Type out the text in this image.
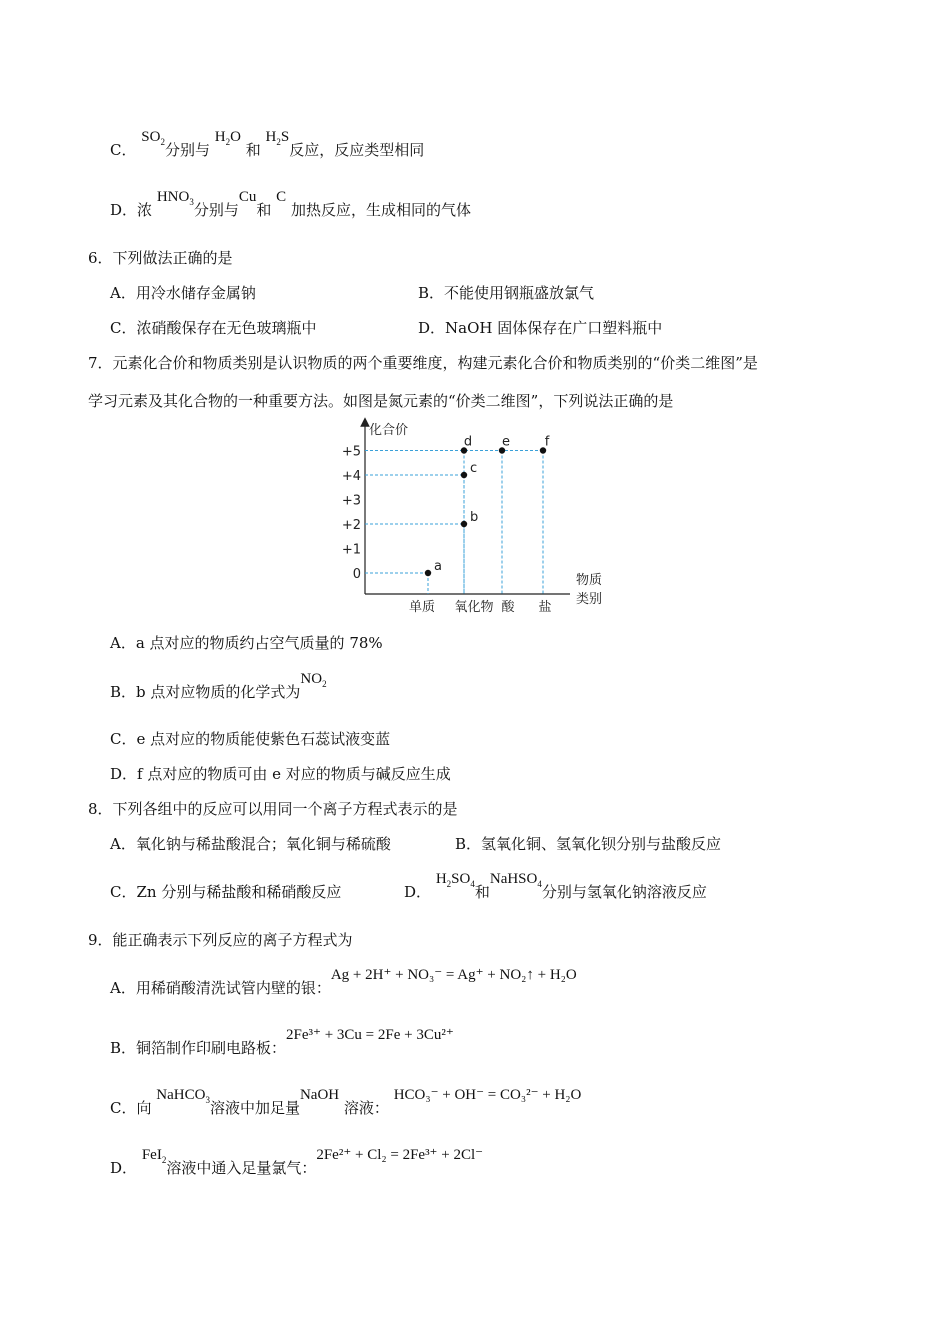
C． $SO_2$分别与 $H_2O$ 和 $H_2S$反应，反应类型相同
D．浓 $HNO_3$分别与Cu和 C 加热反应，生成相同的气体
6．下列做法正确的是
A．用冷水储存金属钠	B．不能使用钢瓶盛放氯气
C．浓硝酸保存在无色玻璃瓶中	D．NaOH 固体保存在广口塑料瓶中
7．元素化合价和物质类别是认识物质的两个重要维度，构建元素化合价和物质类别的“价类二维图”是
学习元素及其化合物的一种重要方法。如图是氮元素的“价类二维图”，下列说法正确的是
化合价
物质
类别
+5
+4
+3
+2
+1
0
单质 氧化物 酸 盐
a
b
c
d e	f
A．a 点对应的物质约占空气质量的 78%
B．b 点对应物质的化学式为$NO_2$
C．e 点对应的物质能使紫色石蕊试液变蓝
D．f 点对应的物质可由 e 对应的物质与碱反应生成
8．下列各组中的反应可以用同一个离子方程式表示的是
A．氧化钠与稀盐酸混合；氧化铜与稀硫酸	B．氢氧化铜、氢氧化钡分别与盐酸反应
C．Zn 分别与稀盐酸和稀硝酸反应	D． $H_2SO_4$和NaHSO$_4$分别与氢氧化钠溶液反应
9．能正确表示下列反应的离子方程式为
A．用稀硝酸清洗试管内壁的银：Ag + 2H⁺ + NO₃⁻ = Ag⁺ + NO₂↑ + H₂O
B．铜箔制作印刷电路板：2Fe³⁺ + 3Cu = 2Fe + 3Cu²⁺
C．向 NaHCO$_3$溶液中加足量NaOH 溶液： HCO₃⁻ + OH⁻ = CO₃²⁻ + H₂O
D． FeI$_2$溶液中通入足量氯气：2Fe²⁺ + Cl₂ = 2Fe³⁺ + 2Cl⁻
